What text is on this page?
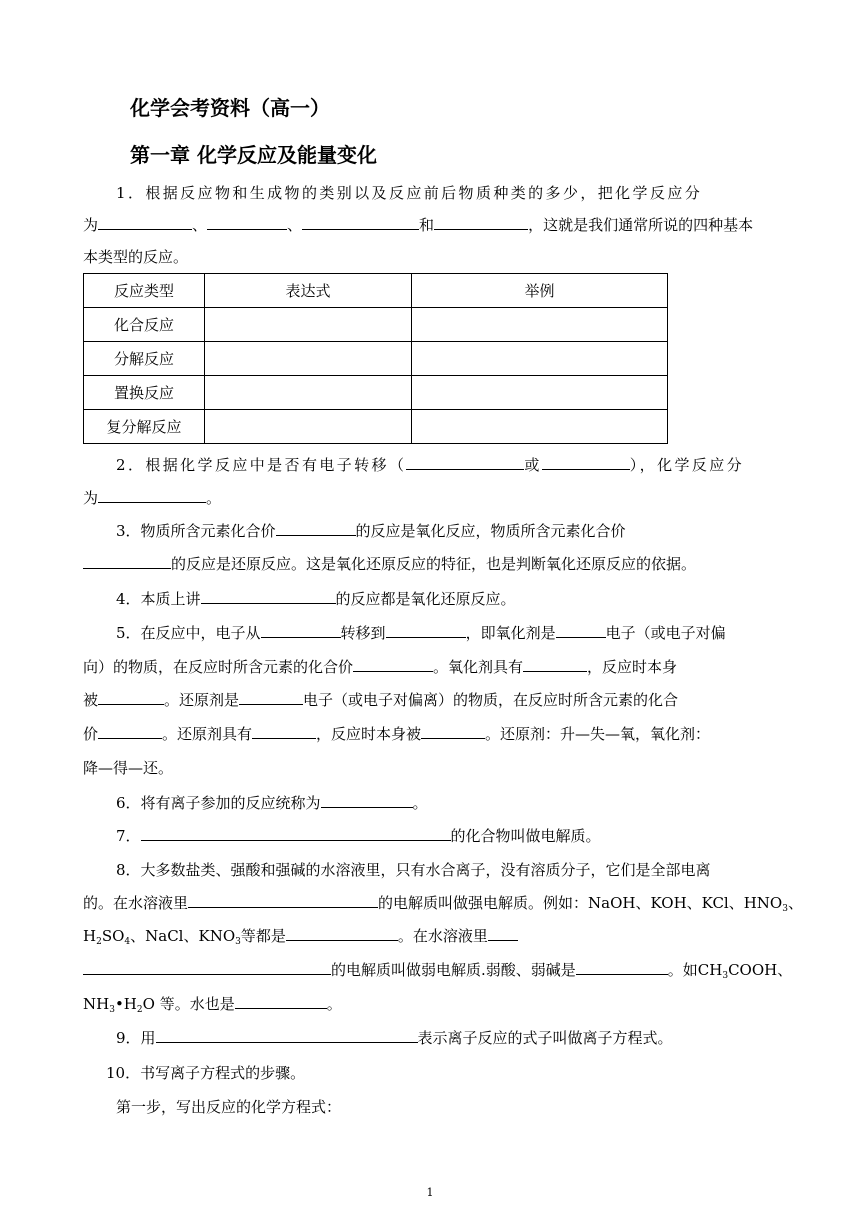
化学会考资料（高一）
第一章 化学反应及能量变化
1．根据反应物和生成物的类别以及反应前后物质种类的多少，把化学反应分
为	、	、	和	，这就是我们通常所说的四种基本
本类型的反应。
反应类型	表达式	举例
化合反应		
分解反应		
置换反应		
复分解反应		
2．根据化学反应中是否有电子转移（	或	），化学反应分
为	。
3．物质所含元素化合价	的反应是氧化反应，物质所含元素化合价
的反应是还原反应。这是氧化还原反应的特征，也是判断氧化还原反应的依据。
4．本质上讲	的反应都是氧化还原反应。
5．在反应中，电子从	转移到	，即氧化剂是	电子（或电子对偏
向）的物质，在反应时所含元素的化合价	。氧化剂具有	，反应时本身
被	。还原剂是	电子（或电子对偏离）的物质，在反应时所含元素的化合
价	。还原剂具有	，反应时本身被	。还原剂：升—失—氧，氧化剂：
降—得—还。
6．将有离子参加的反应统称为	。
7．	的化合物叫做电解质。
8．大多数盐类、强酸和强碱的水溶液里，只有水合离子，没有溶质分子，它们是全部电离
的。在水溶液里	的电解质叫做强电解质。例如：NaOH、KOH、KCl、$HNO_3$、
$H_2SO_4$、NaCl、$KNO_3$等都是	。在水溶液里
的电解质叫做弱电解质.弱酸、弱碱是	。如$CH_3COOH$、
$NH_3•H_2O$ 等。水也是	。
9．用	表示离子反应的式子叫做离子方程式。
10．书写离子方程式的步骤。
第一步，写出反应的化学方程式：
1
